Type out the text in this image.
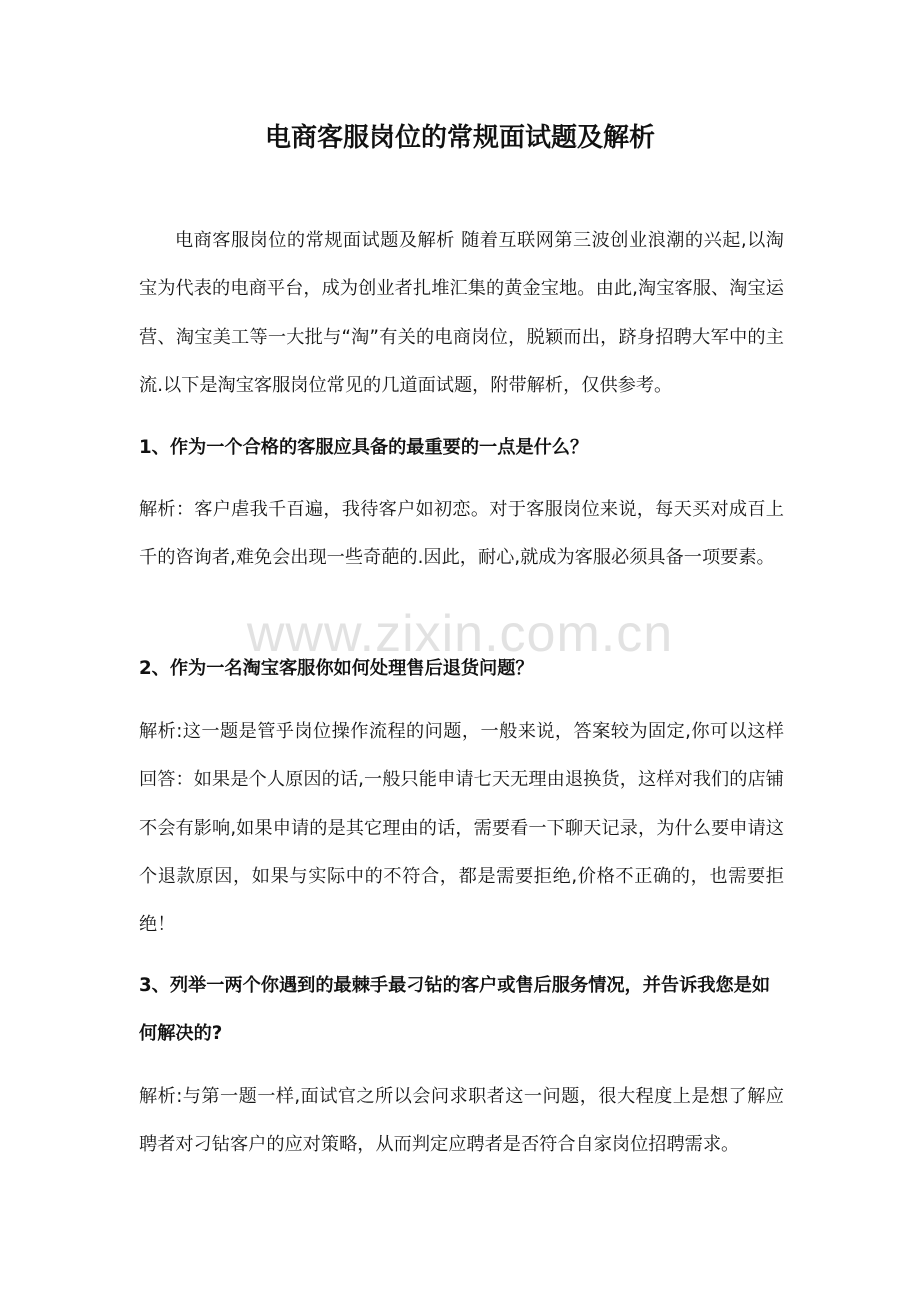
电商客服岗位的常规面试题及解析
电商客服岗位的常规面试题及解析 随着互联网第三波创业浪潮的兴起,以淘宝为代表的电商平台，成为创业者扎堆汇集的黄金宝地。由此,淘宝客服、淘宝运营、淘宝美工等一大批与“淘”有关的电商岗位，脱颖而出，跻身招聘大军中的主流.以下是淘宝客服岗位常见的几道面试题，附带解析，仅供参考。
1、作为一个合格的客服应具备的最重要的一点是什么？
解析：客户虐我千百遍，我待客户如初恋。对于客服岗位来说，每天买对成百上千的咨询者,难免会出现一些奇葩的.因此，耐心,就成为客服必须具备一项要素。
2、作为一名淘宝客服你如何处理售后退货问题？
解析:这一题是管乎岗位操作流程的问题，一般来说，答案较为固定,你可以这样回答：如果是个人原因的话,一般只能申请七天无理由退换货，这样对我们的店铺不会有影响,如果申请的是其它理由的话，需要看一下聊天记录，为什么要申请这个退款原因，如果与实际中的不符合，都是需要拒绝,价格不正确的，也需要拒绝！
3、列举一两个你遇到的最棘手最刁钻的客户或售后服务情况，并告诉我您是如何解决的?
解析:与第一题一样,面试官之所以会问求职者这一问题，很大程度上是想了解应聘者对刁钻客户的应对策略，从而判定应聘者是否符合自家岗位招聘需求。
www.zixin.com.cn
